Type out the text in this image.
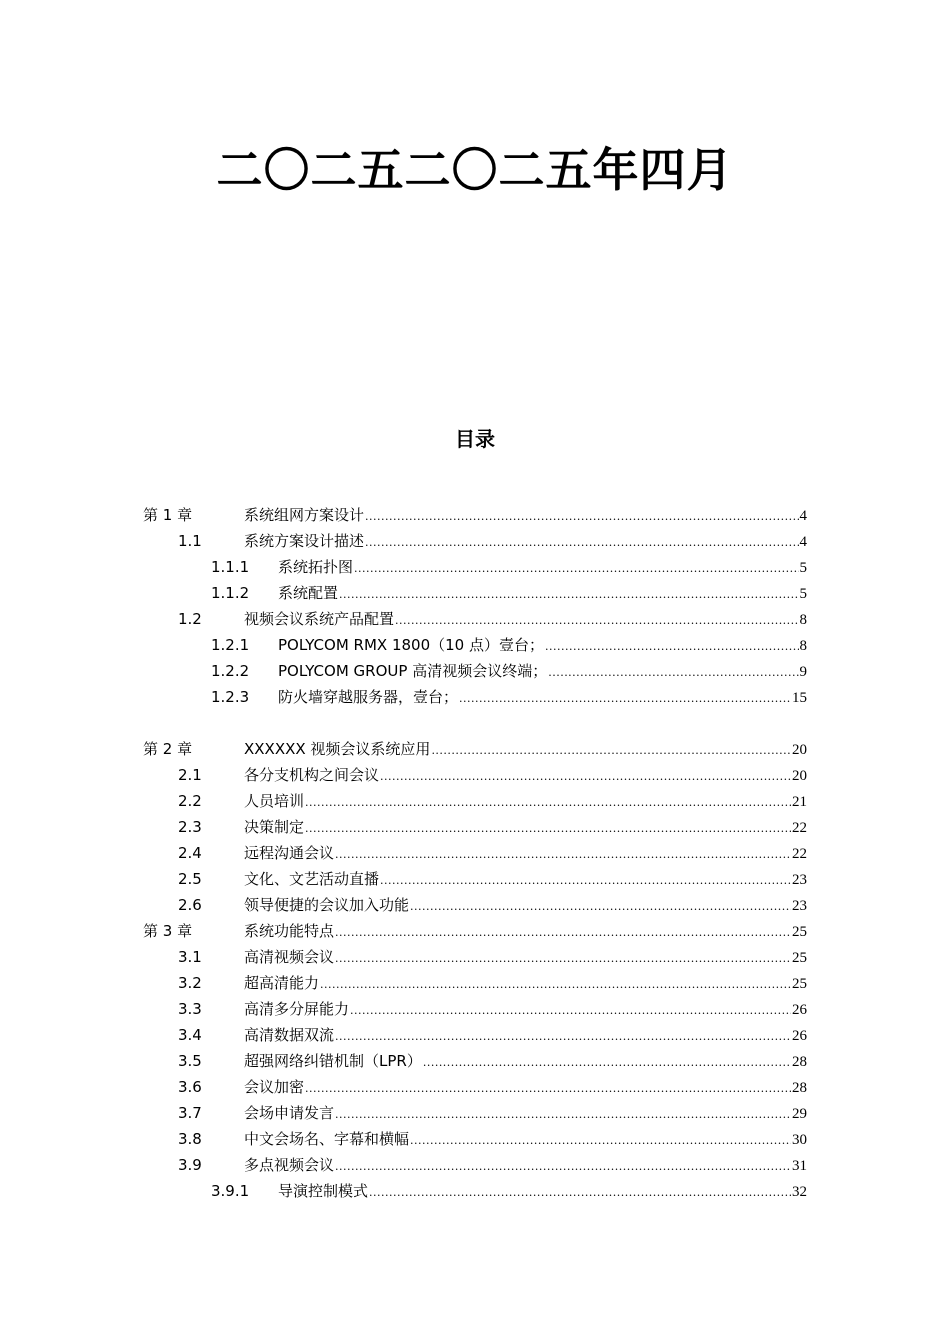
二〇二五二〇二五年四月
目录
第 1 章	系统组网方案设计 .....	4
1.1	系统方案设计描述 .....	4
1.1.1 系统拓扑图 .....	5
1.1.2 系统配置 .....	5
1.2	视频会议系统产品配置 .....	8
1.2.1 POLYCOM RMX 1800（10 点）壹台； .....	8
1.2.2 POLYCOM GROUP 高清视频会议终端； .....	9
1.2.3 防火墙穿越服务器，壹台； .....	15
第 2 章	XXXXXX 视频会议系统应用 .....	20
2.1	各分支机构之间会议 .....	20
2.2	人员培训 .....	21
2.3	决策制定 .....	22
2.4	远程沟通会议 .....	22
2.5	文化、文艺活动直播 .....	23
2.6	领导便捷的会议加入功能 .....	23
第 3 章	系统功能特点 .....	25
3.1	高清视频会议 .....	25
3.2	超高清能力 .....	25
3.3	高清多分屏能力 .....	26
3.4	高清数据双流 .....	26
3.5	超强网络纠错机制（LPR） .....	28
3.6	会议加密 .....	28
3.7	会场申请发言 .....	29
3.8	中文会场名、字幕和横幅 .....	30
3.9	多点视频会议 .....	31
3.9.1 导演控制模式 .....	32
